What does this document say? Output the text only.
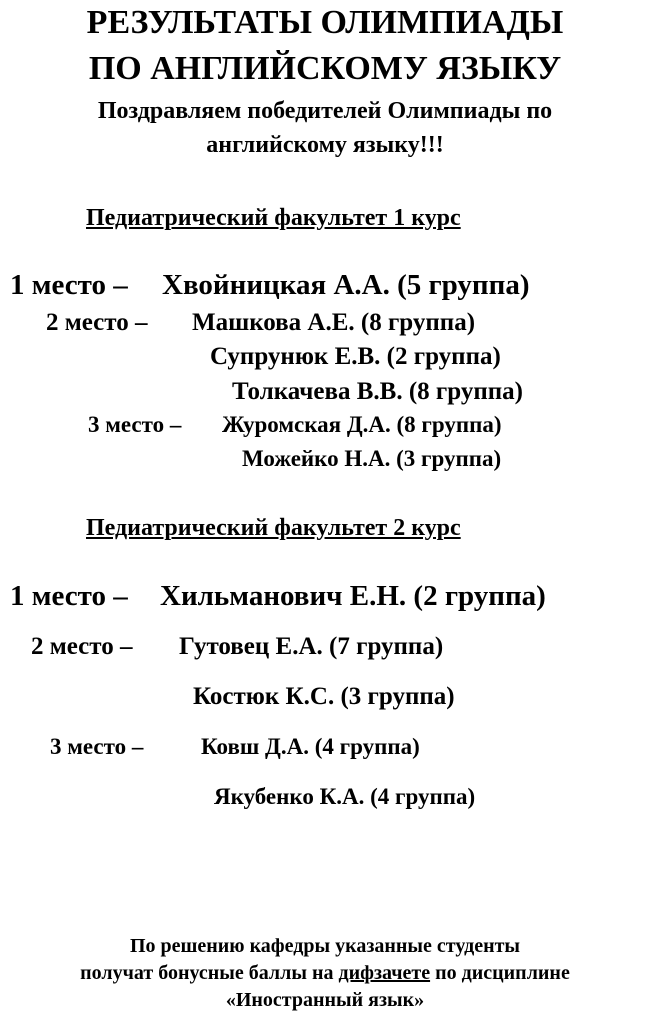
РЕЗУЛЬТАТЫ ОЛИМПИАДЫ
ПО АНГЛИЙСКОМУ ЯЗЫКУ
Поздравляем победителей Олимпиады по
английскому языку!!!
Педиатрический факультет 1 курс
1 место – Хвойницкая А.А. (5 группа)
2 место – Машкова А.Е. (8 группа)
Супрунюк Е.В. (2 группа)
Толкачева В.В. (8 группа)
3 место – Журомская Д.А. (8 группа)
Можейко Н.А. (3 группа)
Педиатрический факультет 2 курс
1 место – Хильманович Е.Н. (2 группа)
2 место – Гутовец Е.А. (7 группа)
Костюк К.С. (3 группа)
3 место –	Ковш Д.А. (4 группа)
Якубенко К.А. (4 группа)
По решению кафедры указанные студенты
получат бонусные баллы на дифзачете по дисциплине
«Иностранный язык»
